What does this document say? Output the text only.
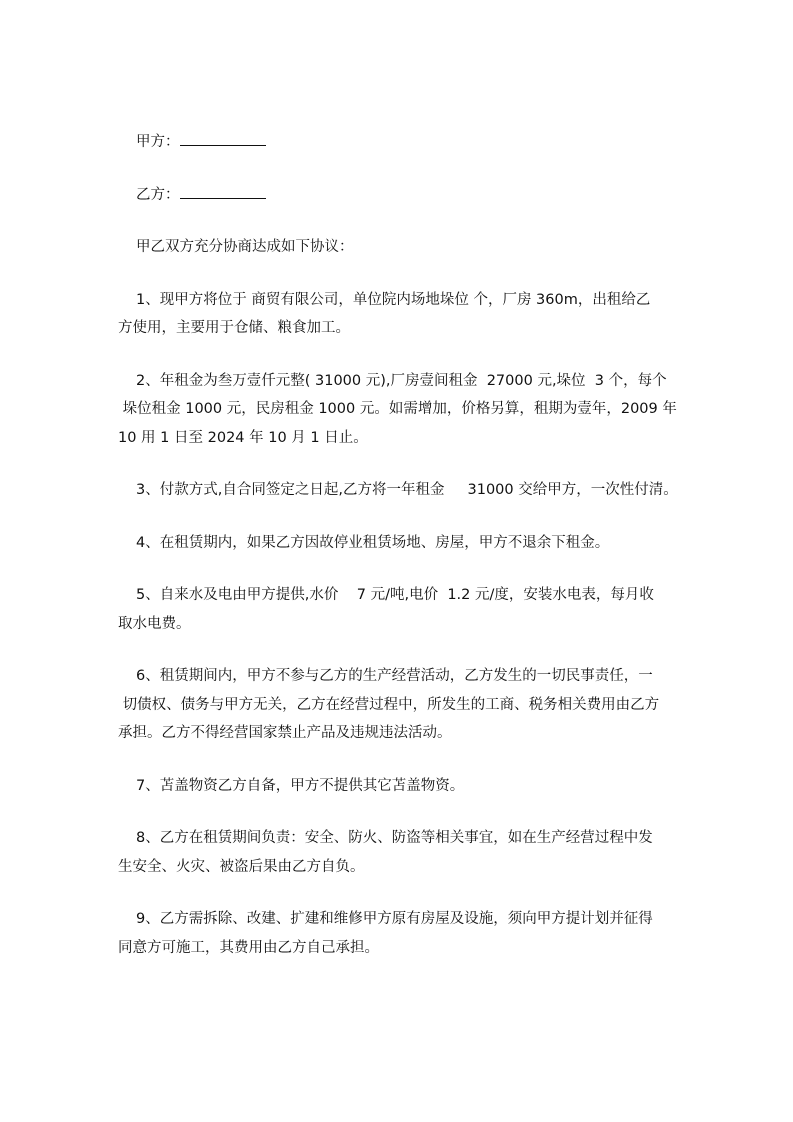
甲方：
乙方：
甲乙双方充分协商达成如下协议：
1、现甲方将位于 商贸有限公司，单位院内场地垛位 个，厂房 360m，出租给乙
方使用，主要用于仓储、粮食加工。
2、年租金为叁万壹仟元整( 31000 元),厂房壹间租金  27000 元,垛位  3 个，每个
垛位租金 1000 元，民房租金 1000 元。如需增加，价格另算，租期为壹年，2009 年
10 用 1 日至 2024 年 10 月 1 日止。
3、付款方式,自合同签定之日起,乙方将一年租金     31000 交给甲方，一次性付清。
4、在租赁期内，如果乙方因故停业租赁场地、房屋，甲方不退余下租金。
5、自来水及电由甲方提供,水价    7 元/吨,电价  1.2 元/度，安装水电表，每月收
取水电费。
6、租赁期间内，甲方不参与乙方的生产经营活动，乙方发生的一切民事责任，一
切债权、债务与甲方无关，乙方在经营过程中，所发生的工商、税务相关费用由乙方
承担。乙方不得经营国家禁止产品及违规违法活动。
7、苫盖物资乙方自备，甲方不提供其它苫盖物资。
8、乙方在租赁期间负责：安全、防火、防盗等相关事宜，如在生产经营过程中发
生安全、火灾、被盗后果由乙方自负。
9、乙方需拆除、改建、扩建和维修甲方原有房屋及设施，须向甲方提计划并征得
同意方可施工，其费用由乙方自己承担。
